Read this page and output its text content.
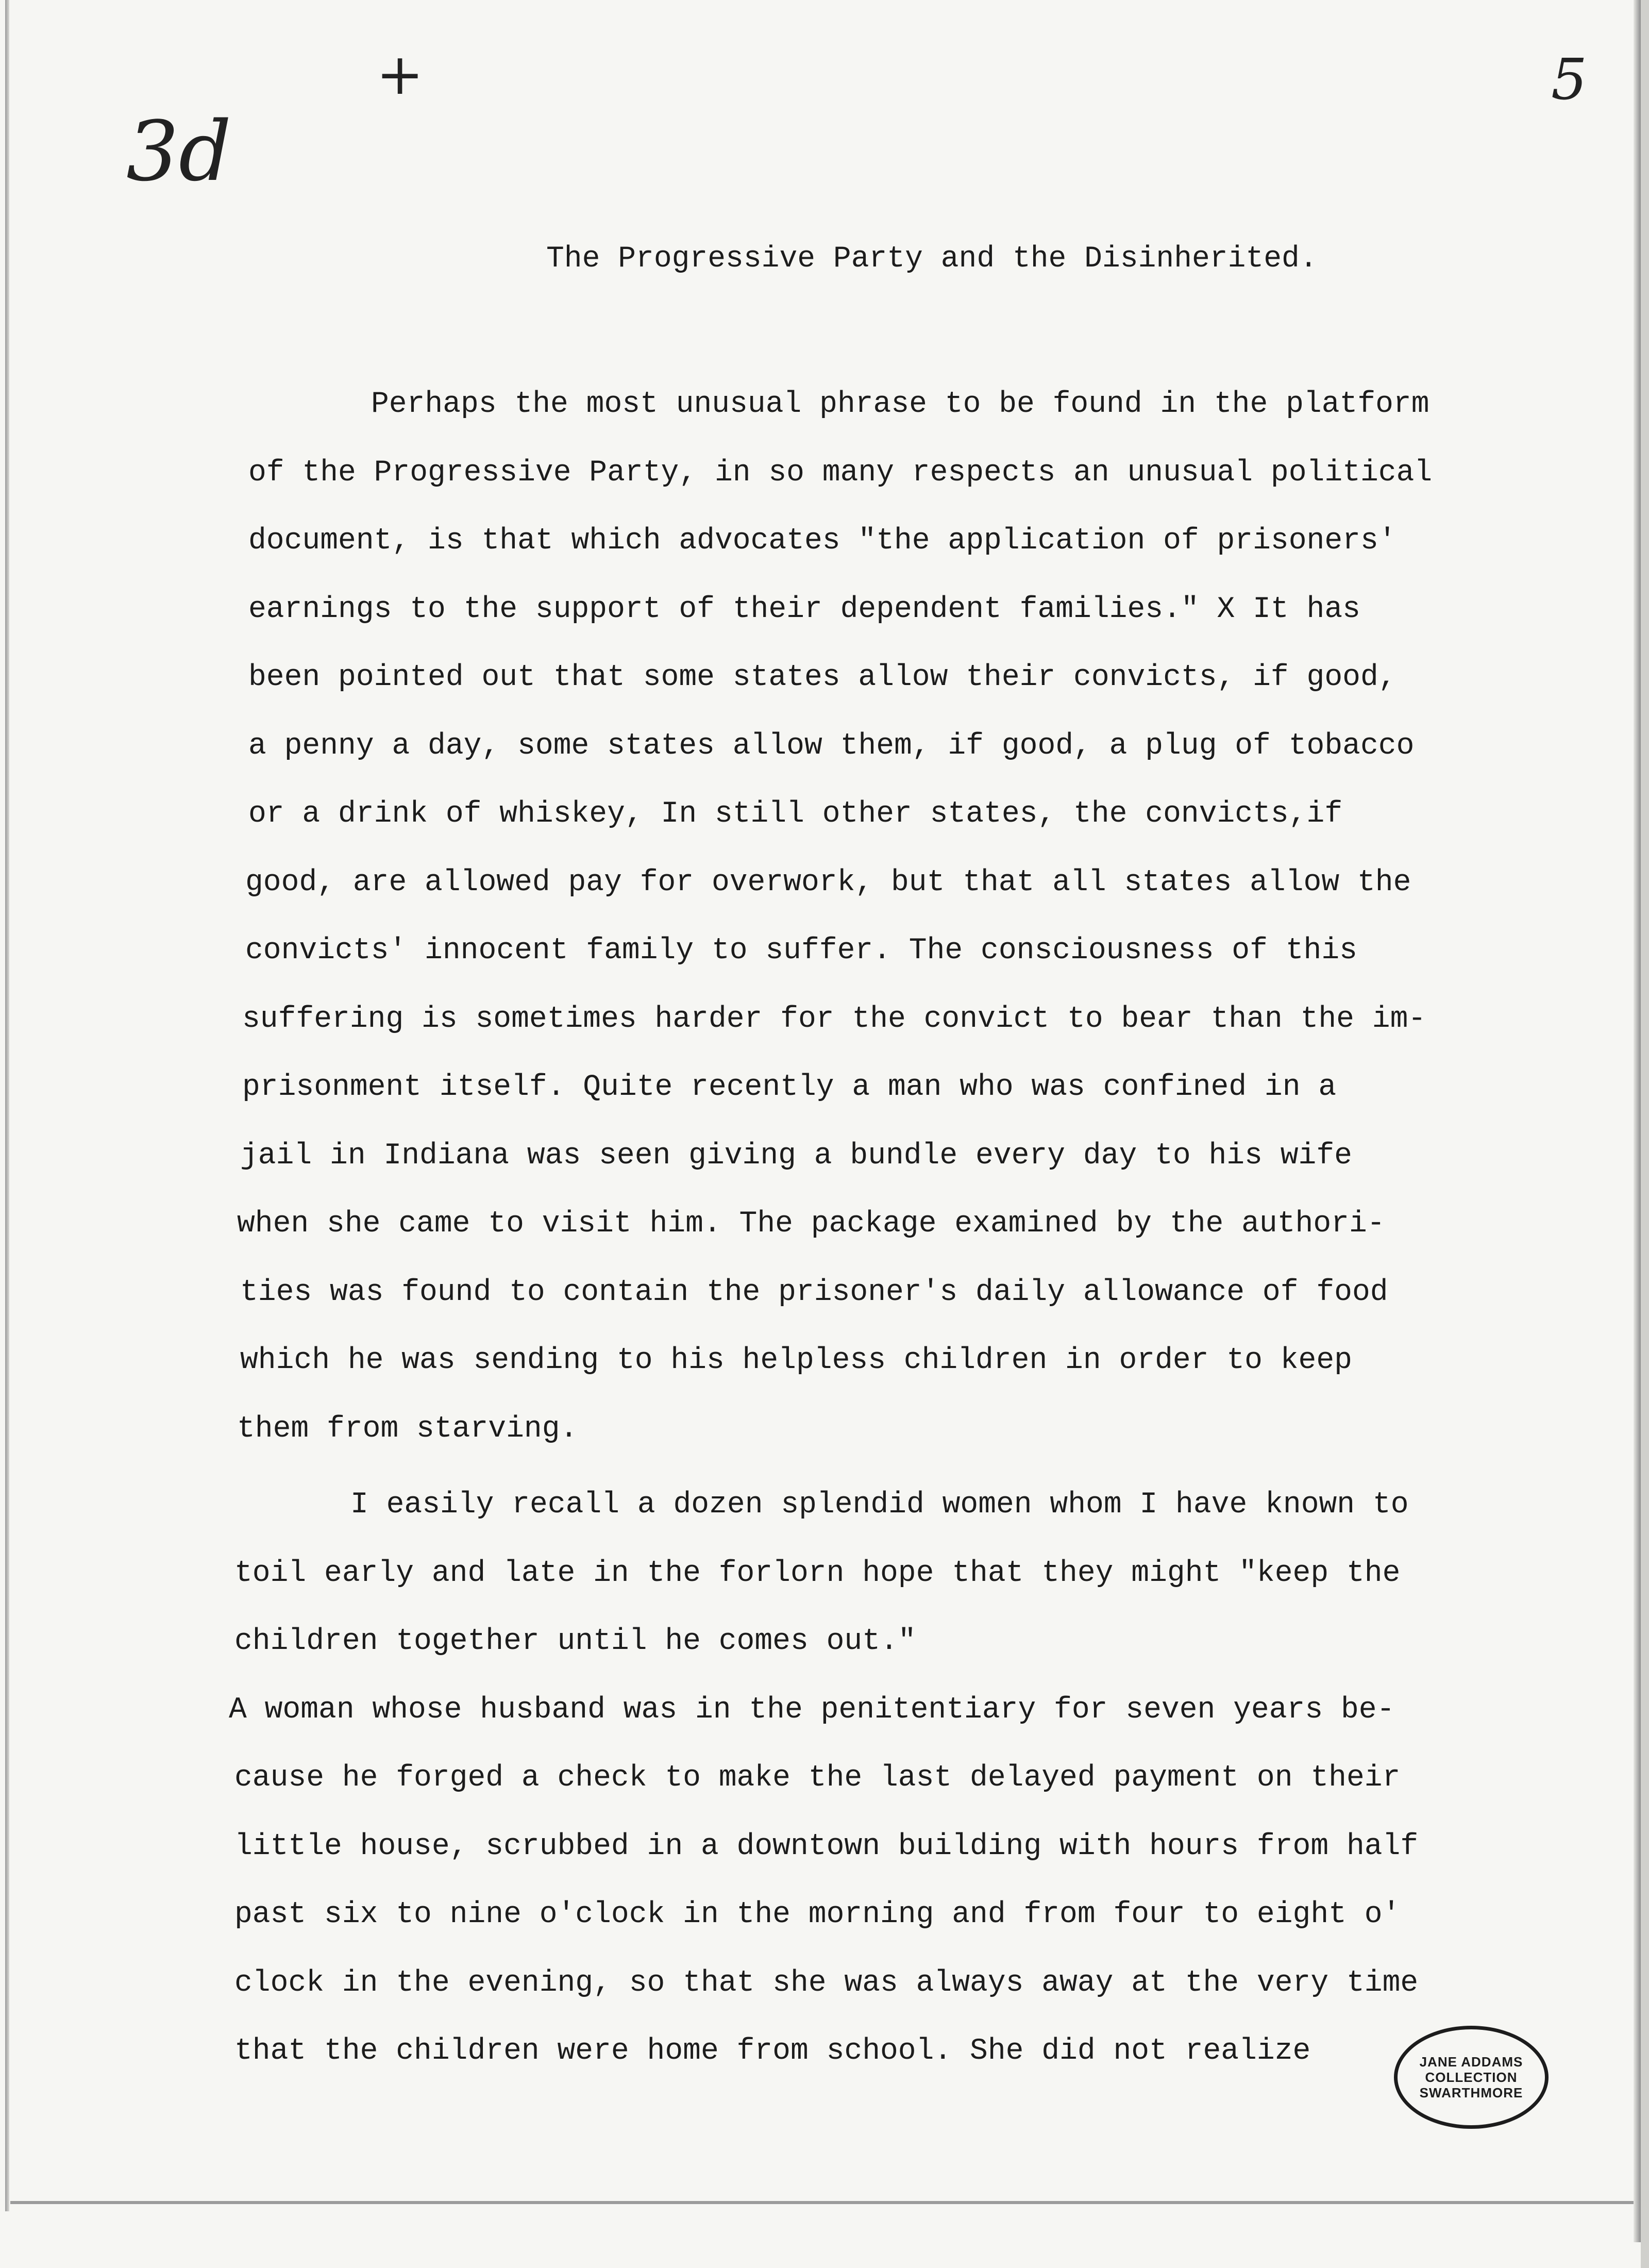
3d
+	5
The Progressive Party and the Disinherited.
Perhaps the most unusual phrase to be found in the platform
of the Progressive Party, in so many respects an unusual political
document, is that which advocates "the application of prisoners'
earnings to the support of their dependent families." X It has
been pointed out that some states allow their convicts, if good,
a penny a day, some states allow them, if good, a plug of tobacco
or a drink of whiskey, In still other states, the convicts,if
good, are allowed pay for overwork, but that all states allow the
convicts' innocent family to suffer. The consciousness of this
suffering is sometimes harder for the convict to bear than the im-
prisonment itself. Quite recently a man who was confined in a
jail in Indiana was seen giving a bundle every day to his wife
when she came to visit him. The package examined by the authori-
ties was found to contain the prisoner's daily allowance of food
which he was sending to his helpless children in order to keep
them from starving.
I easily recall a dozen splendid women whom I have known to
toil early and late in the forlorn hope that they might "keep the
children together until he comes out."
A woman whose husband was in the penitentiary for seven years be-
cause he forged a check to make the last delayed payment on their
little house, scrubbed in a downtown building with hours from half
past six to nine o'clock in the morning and from four to eight o'
clock in the evening, so that she was always away at the very time
that the children were home from school. She did not realize	JANE ADDAMS
COLLECTION
SWARTHMORE
